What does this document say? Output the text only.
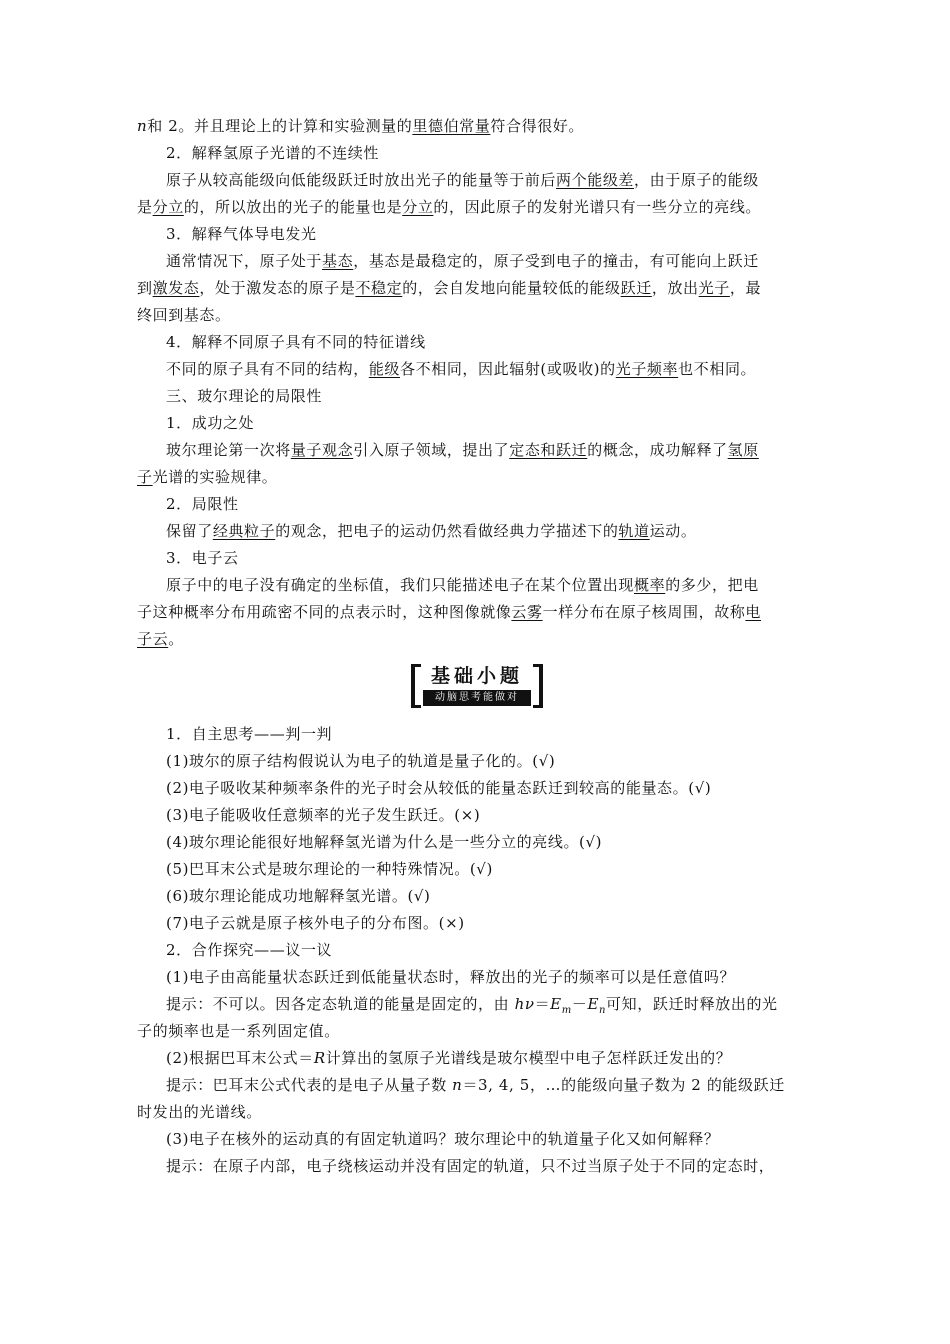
n和 2。并且理论上的计算和实验测量的里德伯常量符合得很好。
2．解释氢原子光谱的不连续性
原子从较高能级向低能级跃迁时放出光子的能量等于前后两个能级差，由于原子的能级
是分立的，所以放出的光子的能量也是分立的，因此原子的发射光谱只有一些分立的亮线。
3．解释气体导电发光
通常情况下，原子处于基态，基态是最稳定的，原子受到电子的撞击，有可能向上跃迁
到激发态，处于激发态的原子是不稳定的，会自发地向能量较低的能级跃迁，放出光子，最
终回到基态。
4．解释不同原子具有不同的特征谱线
不同的原子具有不同的结构，能级各不相同，因此辐射(或吸收)的光子频率也不相同。
三、玻尔理论的局限性
1．成功之处
玻尔理论第一次将量子观念引入原子领域，提出了定态和跃迁的概念，成功解释了氢原
子光谱的实验规律。
2．局限性
保留了经典粒子的观念，把电子的运动仍然看做经典力学描述下的轨道运动。
3．电子云
原子中的电子没有确定的坐标值，我们只能描述电子在某个位置出现概率的多少，把电
子这种概率分布用疏密不同的点表示时，这种图像就像云雾一样分布在原子核周围，故称电
子云。
基础小题
动脑思考能做对
1．自主思考——判一判
(1)玻尔的原子结构假说认为电子的轨道是量子化的。(√)
(2)电子吸收某种频率条件的光子时会从较低的能量态跃迁到较高的能量态。(√)
(3)电子能吸收任意频率的光子发生跃迁。(×)
(4)玻尔理论能很好地解释氢光谱为什么是一些分立的亮线。(√)
(5)巴耳末公式是玻尔理论的一种特殊情况。(√)
(6)玻尔理论能成功地解释氢光谱。(√)
(7)电子云就是原子核外电子的分布图。(×)
2．合作探究——议一议
(1)电子由高能量状态跃迁到低能量状态时，释放出的光子的频率可以是任意值吗？
提示：不可以。因各定态轨道的能量是固定的，由 $h\nu=E_m-E_n$可知，跃迁时释放出的光
子的频率也是一系列固定值。
(2)根据巴耳末公式＝R计算出的氢原子光谱线是玻尔模型中电子怎样跃迁发出的？
提示：巴耳末公式代表的是电子从量子数 n＝3, 4, 5，…的能级向量子数为 2 的能级跃迁
时发出的光谱线。
(3)电子在核外的运动真的有固定轨道吗？玻尔理论中的轨道量子化又如何解释？
提示：在原子内部，电子绕核运动并没有固定的轨道，只不过当原子处于不同的定态时，
